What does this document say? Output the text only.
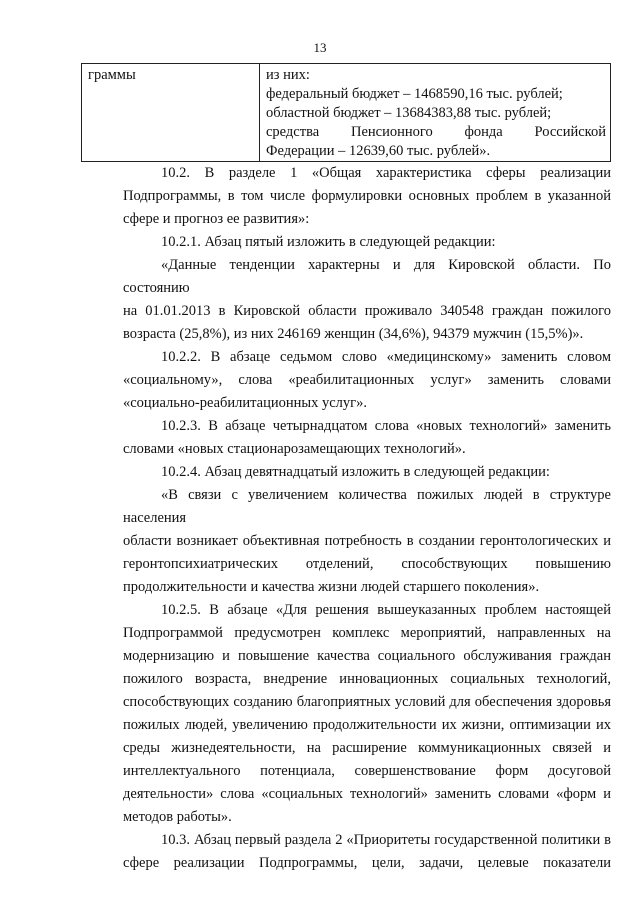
13
граммы	из них:
федеральный бюджет – 1468590,16 тыс. рублей;
областной бюджет – 13684383,88 тыс. рублей;
средства Пенсионного фонда Российской
Федерации – 12639,60 тыс. рублей».

10.2. В разделе 1 «Общая характеристика сферы реализации
Подпрограммы, в том числе формулировки основных проблем в указанной
сфере и прогноз ее развития»:

10.2.1. Абзац пятый изложить в следующей редакции:

«Данные тенденции характерны и для Кировской области. По состоянию
на 01.01.2013 в Кировской области проживало 340548 граждан пожилого
возраста (25,8%), из них 246169 женщин (34,6%), 94379 мужчин (15,5%)».

10.2.2. В абзаце седьмом слово «медицинскому» заменить словом
«социальному», слова «реабилитационных услуг» заменить словами
«социально-реабилитационных услуг».

10.2.3. В абзаце четырнадцатом слова «новых технологий» заменить
словами «новых стационарозамещающих технологий».

10.2.4. Абзац девятнадцатый изложить в следующей редакции:

«В связи с увеличением количества пожилых людей в структуре населения
области возникает объективная потребность в создании геронтологических и
геронтопсихиатрических отделений, способствующих повышению
продолжительности и качества жизни людей старшего поколения».

10.2.5. В абзаце «Для решения вышеуказанных проблем настоящей
Подпрограммой предусмотрен комплекс мероприятий, направленных на
модернизацию и повышение качества социального обслуживания граждан
пожилого возраста, внедрение инновационных социальных технологий,
способствующих созданию благоприятных условий для обеспечения здоровья
пожилых людей, увеличению продолжительности их жизни, оптимизации их
среды жизнедеятельности, на расширение коммуникационных связей и
интеллектуального потенциала, совершенствование форм досуговой
деятельности» слова «социальных технологий» заменить словами «форм и
методов работы».

10.3. Абзац первый раздела 2 «Приоритеты государственной политики в
сфере реализации Подпрограммы, цели, задачи, целевые показатели
